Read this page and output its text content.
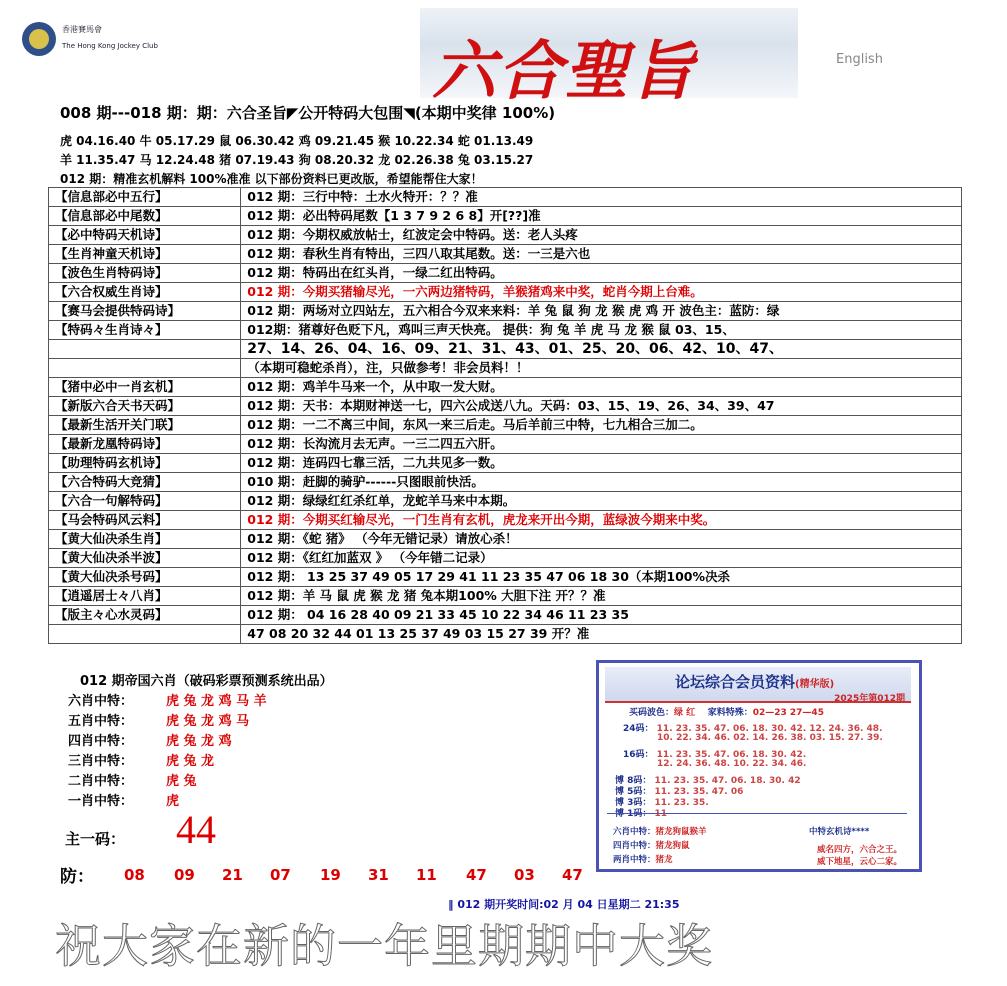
香港賽馬會
The Hong Kong Jockey Club	六合聖旨	English
008 期---018 期：期：六合圣旨◤公开特码大包围◥(本期中奖律 100%)
虎 04.16.40 牛 05.17.29 鼠 06.30.42 鸡 09.21.45 猴 10.22.34 蛇 01.13.49
羊 11.35.47 马 12.24.48 猪 07.19.43 狗 08.20.32 龙 02.26.38 兔 03.15.27
012 期：精准玄机解料 100%准准 以下部份资料已更改版，希望能帮住大家！
【信息部必中五行】	012 期：三行中特：土水火特开：？？准
【信息部必中尾数】	012 期：必出特码尾数【1 3 7 9 2 6 8】开[??]准
【必中特码天机诗】	012 期：今期权威放帖士，红波定会中特码。送：老人头疼
【生肖神童天机诗】	012 期：春秋生肖有特出，三四八取其尾数。送：一三是六也
【波色生肖特码诗】	012 期：特码出在红头肖，一绿二红出特码。
【六合权威生肖诗】	012 期：今期买猪输尽光，一六两边猪特码，羊猴猪鸡来中奖，蛇肖今期上台难。
【赛马会提供特码诗】	012 期：两场对立四站左，五六相合今双来来料：羊 兔 鼠 狗 龙 猴 虎 鸡 开 波色主：蓝防：绿
【特码々生肖诗々】	012期：猪尊好色贬下凡，鸡叫三声天快亮。 提供：狗 兔 羊 虎 马 龙 猴 鼠 03、15、
	27、14、26、04、16、09、21、31、43、01、25、20、06、42、10、47、
	（本期可稳蛇杀肖），注，只做参考！非会员料！！
【猪中必中一肖玄机】	012 期：鸡羊牛马来一个，从中取一发大财。
【新版六合天书天码】	012 期：天书：本期财神送一七，四六公成送八九。天码：03、15、19、26、34、39、47
【最新生活开关门联】	012 期：一二不离三中间，东风一来三后走。马后羊前三中特，七九相合三加二。
【最新龙凰特码诗】	012 期：长沟流月去无声。一三二四五六肝。
【助理特码玄机诗】	012 期：连码四七靠三活，二九共见多一数。
【六合特码大竞猜】	010 期：赶脚的骑驴------只图眼前快活。
【六合一句解特码】	012 期：绿绿红红杀红单，龙蛇羊马来中本期。
【马会特码风云料】	012 期：今期买红输尽光，一门生肖有玄机，虎龙来开出今期，蓝绿波今期来中奖。
【黄大仙决杀生肖】	012 期：《蛇 猪》 （今年无错记录）请放心杀！
【黄大仙决杀半波】	012 期：《红红加蓝双 》 （今年错二记录）
【黄大仙决杀号码】	012 期： 13 25 37 49 05 17 29 41 11 23 35 47 06 18 30（本期100%决杀
【逍遥居士々八肖】	012 期：羊 马 鼠 虎 猴 龙 猪 兔本期100% 大胆下注 开？？准
【版主々心水灵码】	012 期： 04 16 28 40 09 21 33 45 10 22 34 46 11 23 35
	47 08 20 32 44 01 13 25 37 49 03 15 27 39 开？准
012 期帝国六肖（破码彩票预测系统出品）
六肖中特：	虎 兔 龙 鸡 马 羊
五肖中特：	虎 兔 龙 鸡 马
四肖中特：	虎 兔 龙 鸡
三肖中特：	虎 兔 龙
二肖中特：	虎 兔
一肖中特：	虎
主一码： 44
防： 08 09 21 07 19 31 11 47 03 47
‖ 012 期开奖时间:02 月 04 日星期二 21:35
祝大家在新的一年里期期中大奖
论坛综合会员资料(精华版)
2025年第012期
买码波色：绿 红 家料特殊：02—23 27—45
24码： 11. 23. 35. 47. 06. 18. 30. 42. 12. 24. 36. 48.
10. 22. 34. 46. 02. 14. 26. 38. 03. 15. 27. 39.
16码： 11. 23. 35. 47. 06. 18. 30. 42.
12. 24. 36. 48. 10. 22. 34. 46.
博 8码： 11. 23. 35. 47. 06. 18. 30. 42
博 5码： 11. 23. 35. 47. 06
博 3码： 11. 23. 35.
博 1码： 11
六肖中特：猪龙狗鼠猴羊
四肖中特：猪龙狗鼠
两肖中特：猪龙
中特玄机诗****
威名四方，六合之王。
威下地星，云心二家。
